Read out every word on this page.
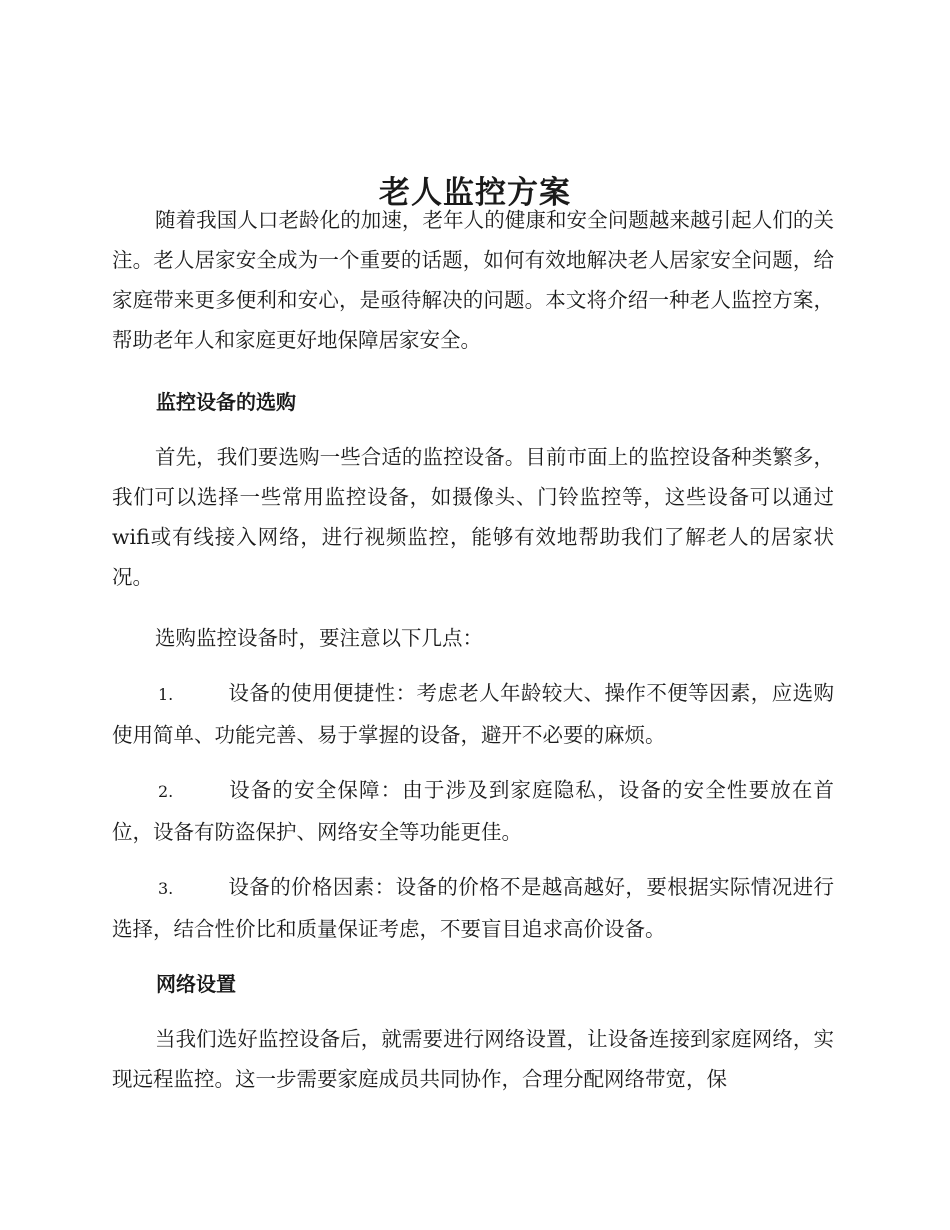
老人监控方案

随着我国人口老龄化的加速，老年人的健康和安全问题越来越引起人们的关注。老人居家安全成为一个重要的话题，如何有效地解决老人居家安全问题，给家庭带来更多便利和安心，是亟待解决的问题。本文将介绍一种老人监控方案，帮助老年人和家庭更好地保障居家安全。

监控设备的选购

首先，我们要选购一些合适的监控设备。目前市面上的监控设备种类繁多，我们可以选择一些常用监控设备，如摄像头、门铃监控等，这些设备可以通过wifi或有线接入网络，进行视频监控，能够有效地帮助我们了解老人的居家状况。

选购监控设备时，要注意以下几点：

1.	设备的使用便捷性：考虑老人年龄较大、操作不便等因素，应选购使用简单、功能完善、易于掌握的设备，避开不必要的麻烦。

2.	设备的安全保障：由于涉及到家庭隐私，设备的安全性要放在首位，设备有防盗保护、网络安全等功能更佳。

3.	设备的价格因素：设备的价格不是越高越好，要根据实际情况进行选择，结合性价比和质量保证考虑，不要盲目追求高价设备。

网络设置

当我们选好监控设备后，就需要进行网络设置，让设备连接到家庭网络，实现远程监控。这一步需要家庭成员共同协作，合理分配网络带宽，保
